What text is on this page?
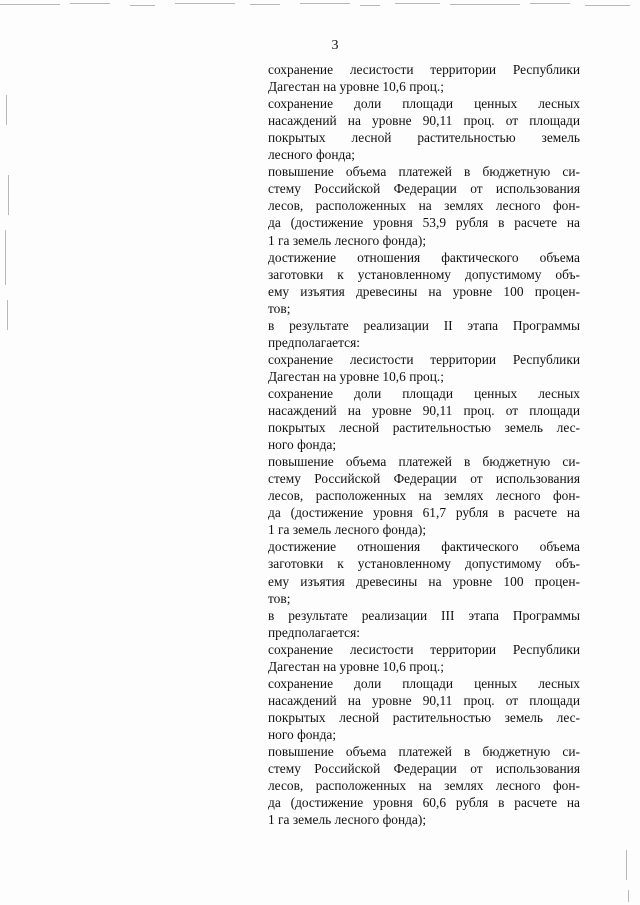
3

сохранение лесистости территории Республики

Дагестан на уровне 10,6 проц.;

сохранение доли площади ценных лесных

насаждений на уровне 90,11 проц. от площади

покрытых лесной растительностью земель

лесного фонда;

повышение объема платежей в бюджетную си-

стему Российской Федерации от использования

лесов, расположенных на землях лесного фон-

да (достижение уровня 53,9 рубля в расчете на

1 га земель лесного фонда);

достижение отношения фактического объема

заготовки к установленному допустимому объ-

ему изъятия древесины на уровне 100 процен-

тов;

в результате реализации II этапа Программы

предполагается:

сохранение лесистости территории Республики

Дагестан на уровне 10,6 проц.;

сохранение доли площади ценных лесных

насаждений на уровне 90,11 проц. от площади

покрытых лесной растительностью земель лес-

ного фонда;

повышение объема платежей в бюджетную си-

стему Российской Федерации от использования

лесов, расположенных на землях лесного фон-

да (достижение уровня 61,7 рубля в расчете на

1 га земель лесного фонда);

достижение отношения фактического объема

заготовки к установленному допустимому объ-

ему изъятия древесины на уровне 100 процен-

тов;

в результате реализации III этапа Программы

предполагается:

сохранение лесистости территории Республики

Дагестан на уровне 10,6 проц.;

сохранение доли площади ценных лесных

насаждений на уровне 90,11 проц. от площади

покрытых лесной растительностью земель лес-

ного фонда;

повышение объема платежей в бюджетную си-

стему Российской Федерации от использования

лесов, расположенных на землях лесного фон-

да (достижение уровня 60,6 рубля в расчете на

1 га земель лесного фонда);
